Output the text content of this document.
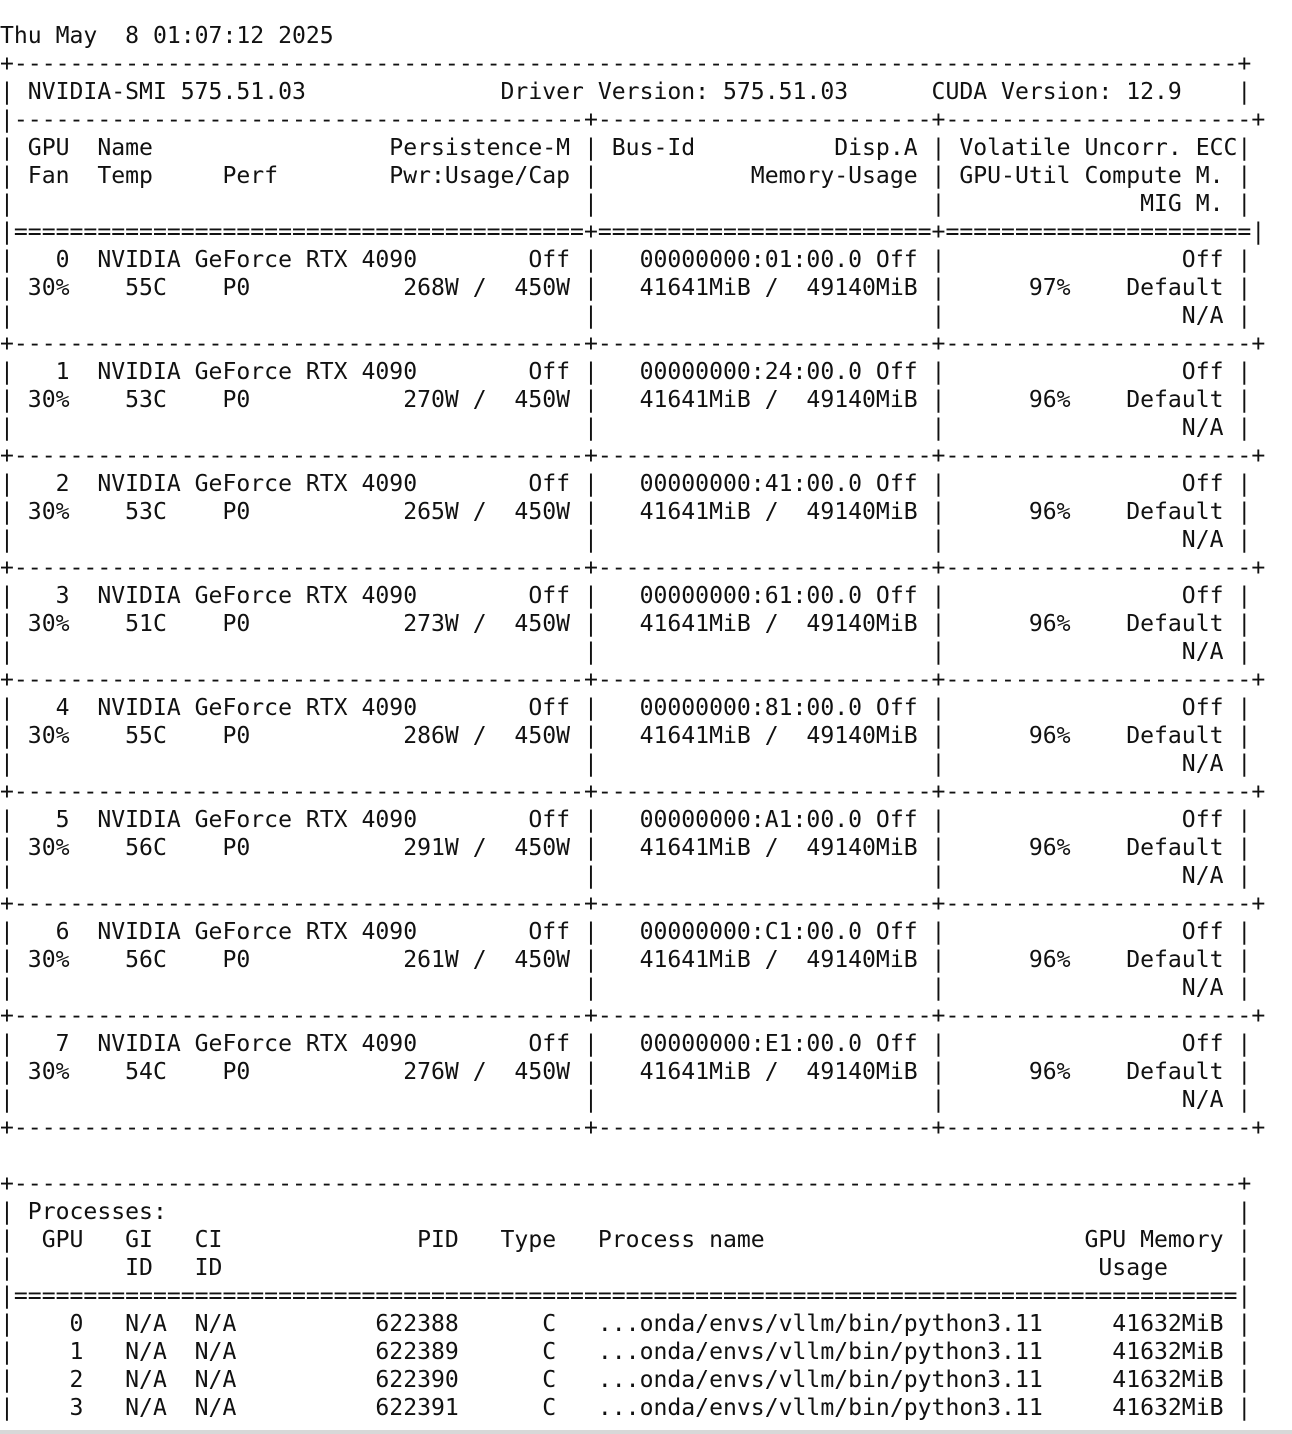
Thu May  8 01:07:12 2025
+----------------------------------------------------------------------------------------+
| NVIDIA-SMI 575.51.03              Driver Version: 575.51.03      CUDA Version: 12.9    |
|-----------------------------------------+------------------------+----------------------+
| GPU  Name                 Persistence-M | Bus-Id          Disp.A | Volatile Uncorr. ECC|
| Fan  Temp     Perf        Pwr:Usage/Cap |           Memory-Usage | GPU-Util Compute M. |
|                                         |                        |              MIG M. |
|=========================================+========================+======================|
|   0  NVIDIA GeForce RTX 4090        Off |   00000000:01:00.0 Off |                 Off |
| 30%    55C    P0           268W /  450W |   41641MiB /  49140MiB |      97%    Default |
|                                         |                        |                 N/A |
+-----------------------------------------+------------------------+----------------------+
|   1  NVIDIA GeForce RTX 4090        Off |   00000000:24:00.0 Off |                 Off |
| 30%    53C    P0           270W /  450W |   41641MiB /  49140MiB |      96%    Default |
|                                         |                        |                 N/A |
+-----------------------------------------+------------------------+----------------------+
|   2  NVIDIA GeForce RTX 4090        Off |   00000000:41:00.0 Off |                 Off |
| 30%    53C    P0           265W /  450W |   41641MiB /  49140MiB |      96%    Default |
|                                         |                        |                 N/A |
+-----------------------------------------+------------------------+----------------------+
|   3  NVIDIA GeForce RTX 4090        Off |   00000000:61:00.0 Off |                 Off |
| 30%    51C    P0           273W /  450W |   41641MiB /  49140MiB |      96%    Default |
|                                         |                        |                 N/A |
+-----------------------------------------+------------------------+----------------------+
|   4  NVIDIA GeForce RTX 4090        Off |   00000000:81:00.0 Off |                 Off |
| 30%    55C    P0           286W /  450W |   41641MiB /  49140MiB |      96%    Default |
|                                         |                        |                 N/A |
+-----------------------------------------+------------------------+----------------------+
|   5  NVIDIA GeForce RTX 4090        Off |   00000000:A1:00.0 Off |                 Off |
| 30%    56C    P0           291W /  450W |   41641MiB /  49140MiB |      96%    Default |
|                                         |                        |                 N/A |
+-----------------------------------------+------------------------+----------------------+
|   6  NVIDIA GeForce RTX 4090        Off |   00000000:C1:00.0 Off |                 Off |
| 30%    56C    P0           261W /  450W |   41641MiB /  49140MiB |      96%    Default |
|                                         |                        |                 N/A |
+-----------------------------------------+------------------------+----------------------+
|   7  NVIDIA GeForce RTX 4090        Off |   00000000:E1:00.0 Off |                 Off |
| 30%    54C    P0           276W /  450W |   41641MiB /  49140MiB |      96%    Default |
|                                         |                        |                 N/A |
+-----------------------------------------+------------------------+----------------------+
+----------------------------------------------------------------------------------------+
| Processes:                                                                             |
|  GPU   GI   CI              PID   Type   Process name                       GPU Memory |
|        ID   ID                                                               Usage     |
|========================================================================================|
|    0   N/A  N/A          622388      C   ...onda/envs/vllm/bin/python3.11     41632MiB |
|    1   N/A  N/A          622389      C   ...onda/envs/vllm/bin/python3.11     41632MiB |
|    2   N/A  N/A          622390      C   ...onda/envs/vllm/bin/python3.11     41632MiB |
|    3   N/A  N/A          622391      C   ...onda/envs/vllm/bin/python3.11     41632MiB |
